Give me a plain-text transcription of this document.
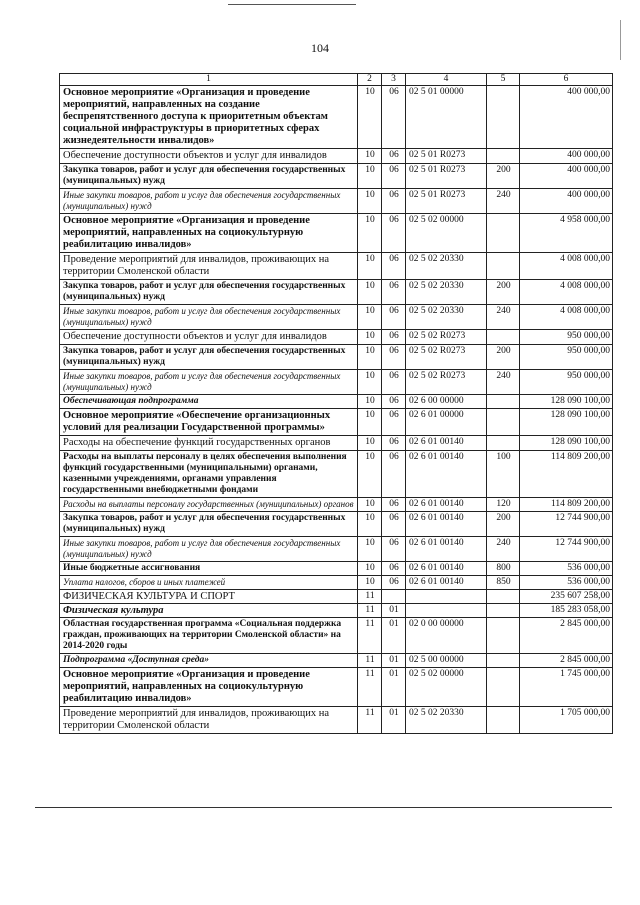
104
1	2	3	4	5	6
Основное мероприятие «Организация и проведение мероприятий, направленных на создание беспрепятственного доступа к приоритетным объектам социальной инфраструктуры в приоритетных сферах жизнедеятельности инвалидов»	10	06	02 5 01 00000		400 000,00
Обеспечение доступности объектов и услуг для инвалидов	10	06	02 5 01 R0273		400 000,00
Закупка товаров, работ и услуг для обеспечения государственных (муниципальных) нужд	10	06	02 5 01 R0273	200	400 000,00
Иные закупки товаров, работ и услуг для обеспечения государственных (муниципальных) нужд	10	06	02 5 01 R0273	240	400 000,00
Основное мероприятие «Организация и проведение мероприятий, направленных на социокультурную реабилитацию инвалидов»	10	06	02 5 02 00000		4 958 000,00
Проведение мероприятий для инвалидов, проживающих на территории Смоленской области	10	06	02 5 02 20330		4 008 000,00
Закупка товаров, работ и услуг для обеспечения государственных (муниципальных) нужд	10	06	02 5 02 20330	200	4 008 000,00
Иные закупки товаров, работ и услуг для обеспечения государственных (муниципальных) нужд	10	06	02 5 02 20330	240	4 008 000,00
Обеспечение доступности объектов и услуг для инвалидов	10	06	02 5 02 R0273		950 000,00
Закупка товаров, работ и услуг для обеспечения государственных (муниципальных) нужд	10	06	02 5 02 R0273	200	950 000,00
Иные закупки товаров, работ и услуг для обеспечения государственных (муниципальных) нужд	10	06	02 5 02 R0273	240	950 000,00
Обеспечивающая подпрограмма	10	06	02 6 00 00000		128 090 100,00
Основное мероприятие «Обеспечение организационных условий для реализации Государственной программы»	10	06	02 6 01 00000		128 090 100,00
Расходы на обеспечение функций государственных органов	10	06	02 6 01 00140		128 090 100,00
Расходы на выплаты персоналу в целях обеспечения выполнения функций государственными (муниципальными) органами, казенными учреждениями, органами управления государственными внебюджетными фондами	10	06	02 6 01 00140	100	114 809 200,00
Расходы на выплаты персоналу государственных (муниципальных) органов	10	06	02 6 01 00140	120	114 809 200,00
Закупка товаров, работ и услуг для обеспечения государственных (муниципальных) нужд	10	06	02 6 01 00140	200	12 744 900,00
Иные закупки товаров, работ и услуг для обеспечения государственных (муниципальных) нужд	10	06	02 6 01 00140	240	12 744 900,00
Иные бюджетные ассигнования	10	06	02 6 01 00140	800	536 000,00
Уплата налогов, сборов и иных платежей	10	06	02 6 01 00140	850	536 000,00
ФИЗИЧЕСКАЯ КУЛЬТУРА И СПОРТ	11				235 607 258,00
Физическая культура	11	01			185 283 058,00
Областная государственная программа «Социальная поддержка граждан, проживающих на территории Смоленской области» на 2014-2020 годы	11	01	02 0 00 00000		2 845 000,00
Подпрограмма «Доступная среда»	11	01	02 5 00 00000		2 845 000,00
Основное мероприятие «Организация и проведение мероприятий, направленных на социокультурную реабилитацию инвалидов»	11	01	02 5 02 00000		1 745 000,00
Проведение мероприятий для инвалидов, проживающих на территории Смоленской области	11	01	02 5 02 20330		1 705 000,00
